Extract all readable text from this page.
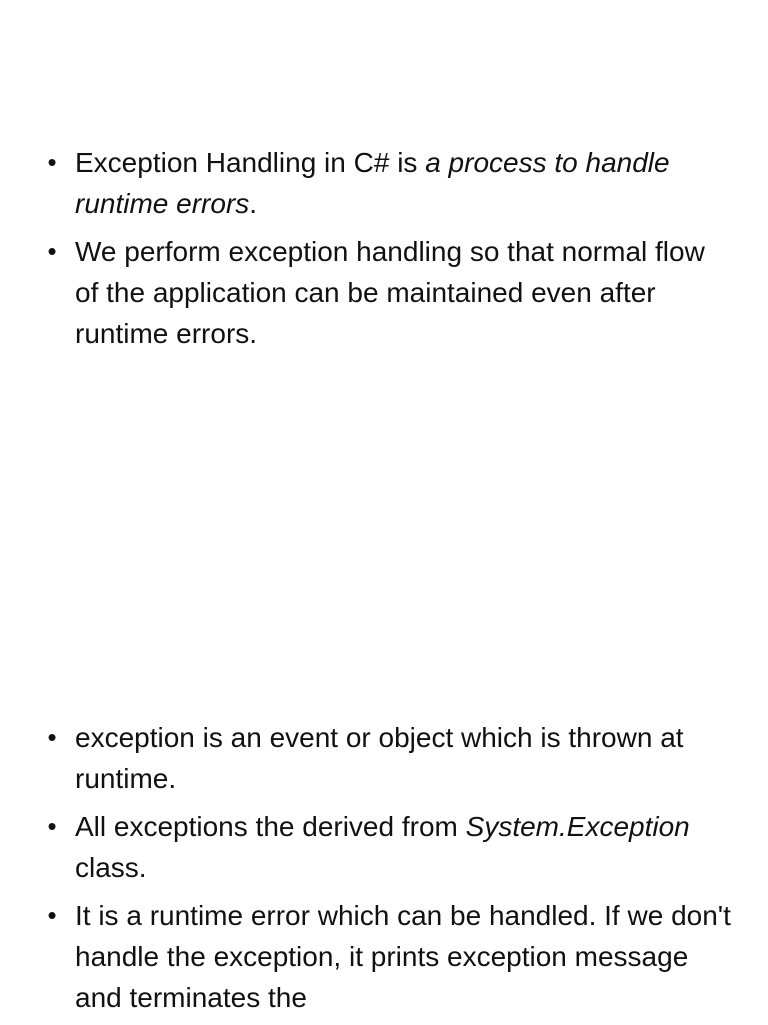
• Exception Handling in C# is a process to handle runtime errors.
• We perform exception handling so that normal flow of the application can be maintained even after runtime errors.
• exception is an event or object which is thrown at runtime.
• All exceptions the derived from System.Exception class.
• It is a runtime error which can be handled. If we don't handle the exception, it prints exception message and terminates the
